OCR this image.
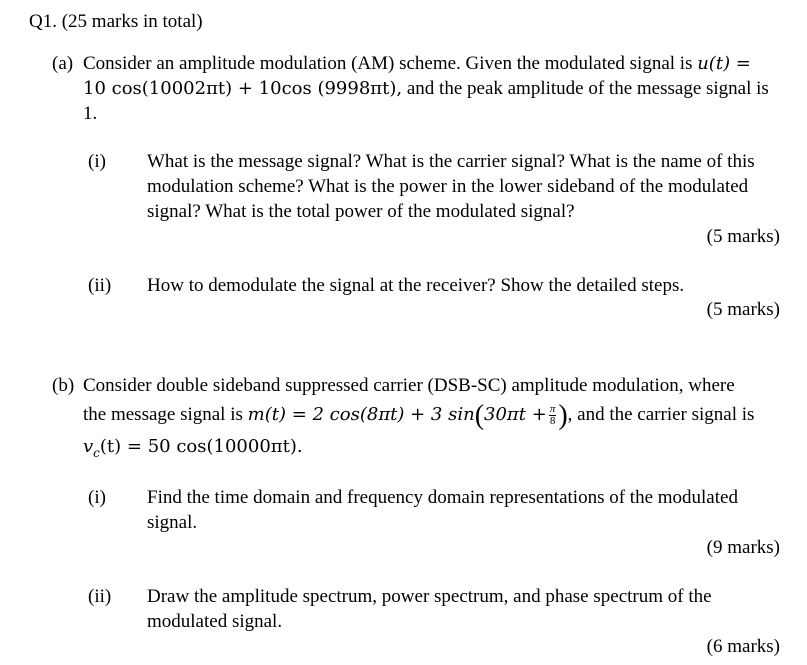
Q1. (25 marks in total)
(a) Consider an amplitude modulation (AM) scheme. Given the modulated signal is u(t) =
10 cos(10002πt) + 10cos (9998πt), and the peak amplitude of the message signal is
1.
(i) What is the message signal? What is the carrier signal? What is the name of this
modulation scheme? What is the power in the lower sideband of the modulated
signal? What is the total power of the modulated signal?
(5 marks)
(ii) How to demodulate the signal at the receiver? Show the detailed steps.
(5 marks)
(b) Consider double sideband suppressed carrier (DSB-SC) amplitude modulation, where
the message signal is m(t) = 2 cos(8πt) + 3 $\sin(30\pi t + \frac{\pi}{8}$ ), and the carrier signal is
$v_c(t) = 50$ cos(10000πt).
(i) Find the time domain and frequency domain representations of the modulated
signal.
(9 marks)
(ii) Draw the amplitude spectrum, power spectrum, and phase spectrum of the
modulated signal.
(6 marks)
